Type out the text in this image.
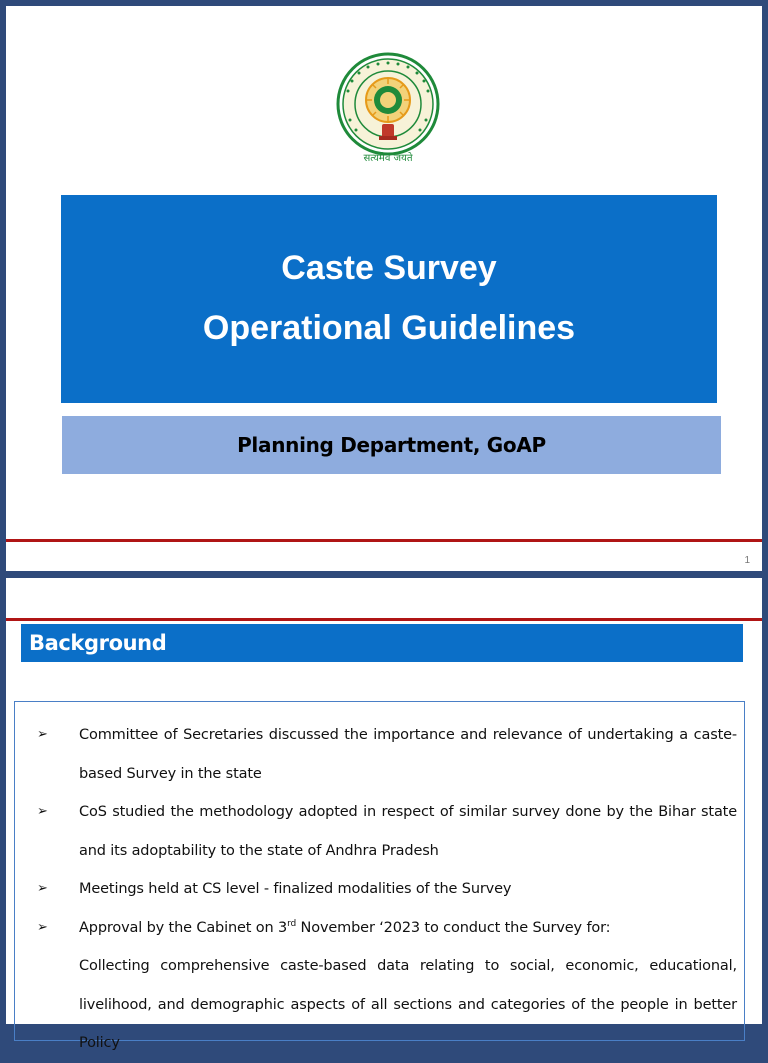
सत्यमेव जयते
Caste Survey
Operational Guidelines
Planning Department, GoAP
1
Background
➢ Committee of Secretaries discussed the importance and relevance of undertaking a caste-based Survey in the state
➢ CoS studied the methodology adopted in respect of similar survey done by the Bihar state and its adoptability to the state of Andhra Pradesh
➢ Meetings held at CS level - finalized modalities of the Survey
➢ Approval by the Cabinet on 3rd November ‘2023 to conduct the Survey for:
Collecting comprehensive caste-based data relating to social, economic, educational, livelihood, and demographic aspects of all sections and categories of the people in better Policy
